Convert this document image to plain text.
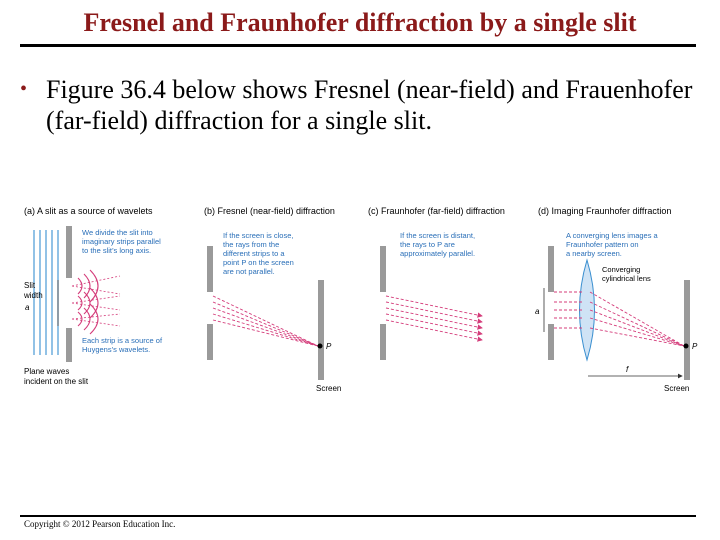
Fresnel and Fraunhofer diffraction by a single slit
• Figure 36.4 below shows Fresnel (near-field) and Frauenhofer (far-field) diffraction for a single slit.
(a) A slit as a source of wavelets
Slit
width
a
We divide the slit into
imaginary strips parallel
to the slit’s long axis.
Each strip is a source of
Huygens’s wavelets.
Plane waves
incident on the slit
(b) Fresnel (near-field) diffraction
P
Screen
If the screen is close,
the rays from the
different strips to a
point P on the screen
are not parallel.
(c) Fraunhofer (far-field) diffraction
If the screen is distant,
the rays to P are
approximately parallel.
(d) Imaging Fraunhofer diffraction
a
f
P
Screen
A converging lens images a
Fraunhofer pattern on
a nearby screen.
Converging
cylindrical lens
Copyright © 2012 Pearson Education Inc.
